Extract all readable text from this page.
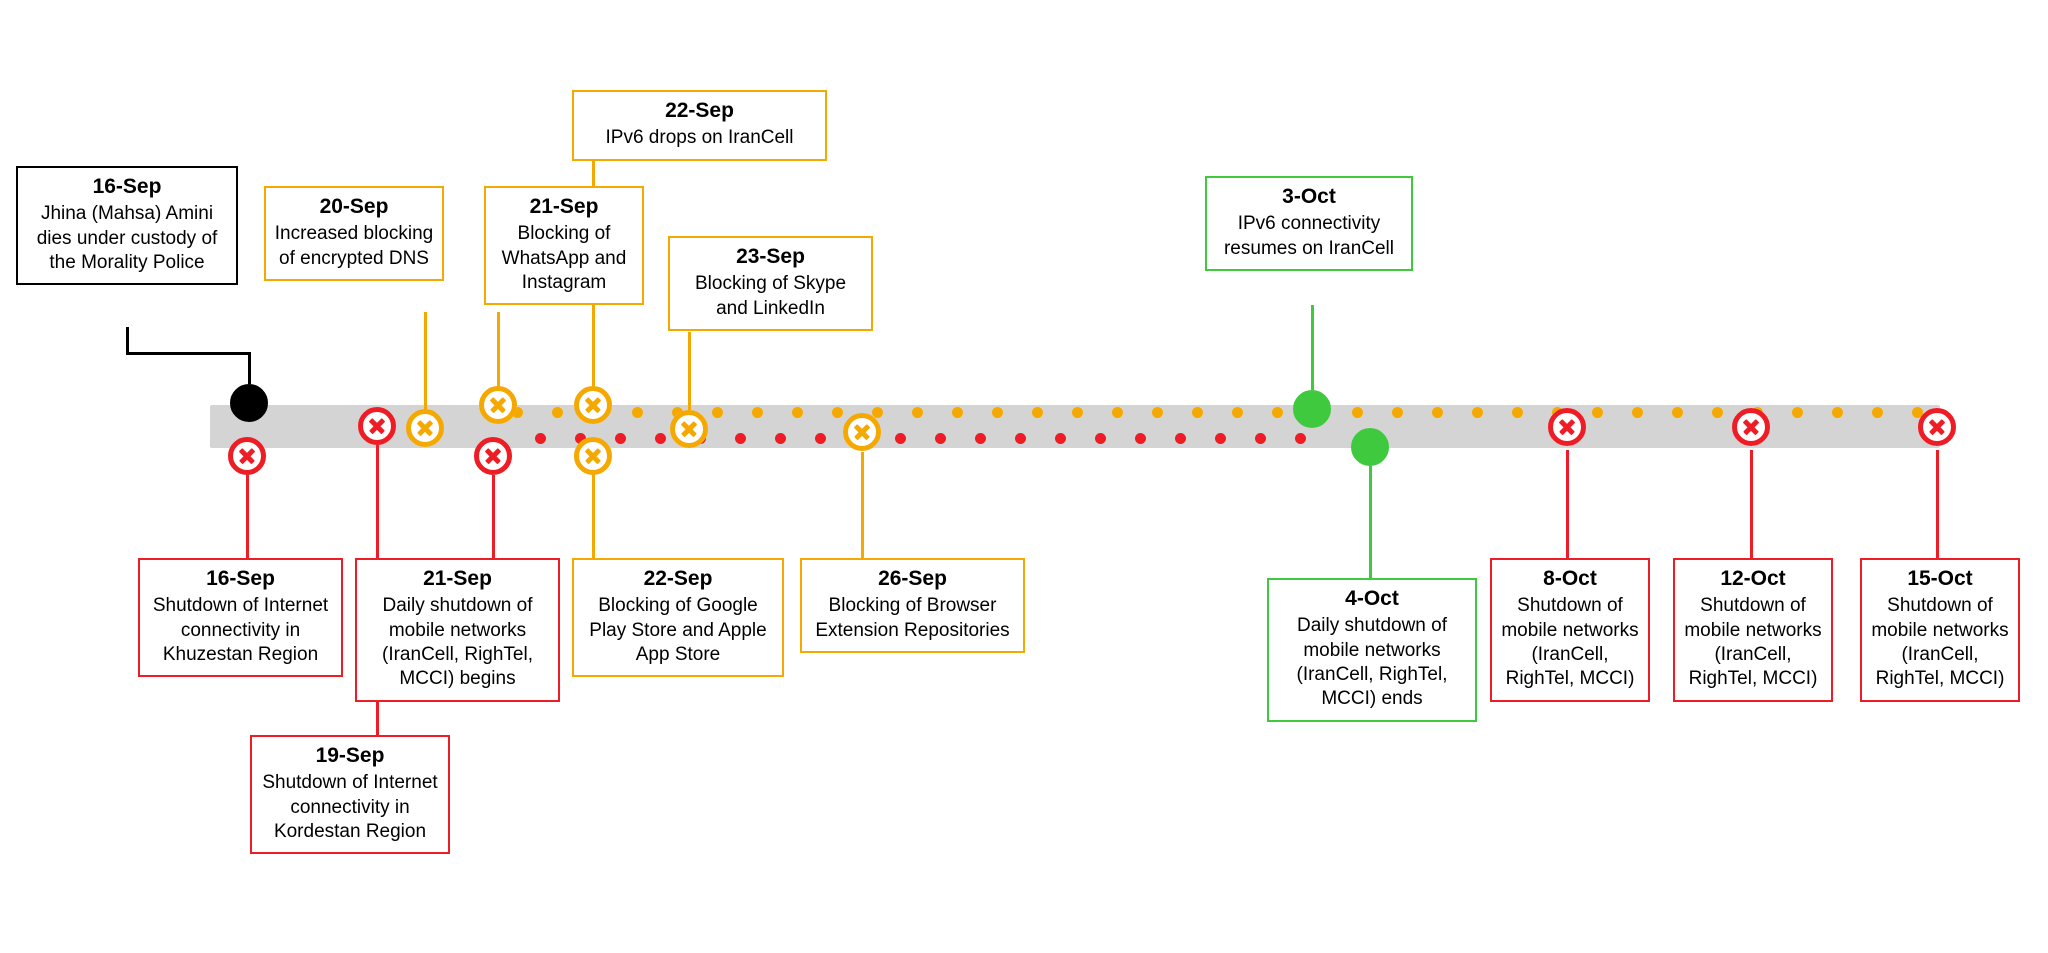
16-Sep
Jhina (Mahsa) Amini dies under custody of the Morality Police
20-Sep
Increased blocking of encrypted DNS
21-Sep
Blocking of WhatsApp and Instagram
22-Sep
IPv6 drops on IranCell
23-Sep
Blocking of Skype and LinkedIn
3-Oct
IPv6 connectivity resumes on IranCell
16-Sep
Shutdown of Internet connectivity in Khuzestan Region
19-Sep
Shutdown of Internet connectivity in Kordestan Region
21-Sep
Daily shutdown of mobile networks (IranCell, RighTel, MCCI) begins
22-Sep
Blocking of Google Play Store and Apple App Store
26-Sep
Blocking of Browser Extension Repositories
4-Oct
Daily shutdown of mobile networks (IranCell, RighTel, MCCI) ends
8-Oct
Shutdown of mobile networks (IranCell, RighTel, MCCI)
12-Oct
Shutdown of mobile networks (IranCell, RighTel, MCCI)
15-Oct
Shutdown of mobile networks (IranCell, RighTel, MCCI)
